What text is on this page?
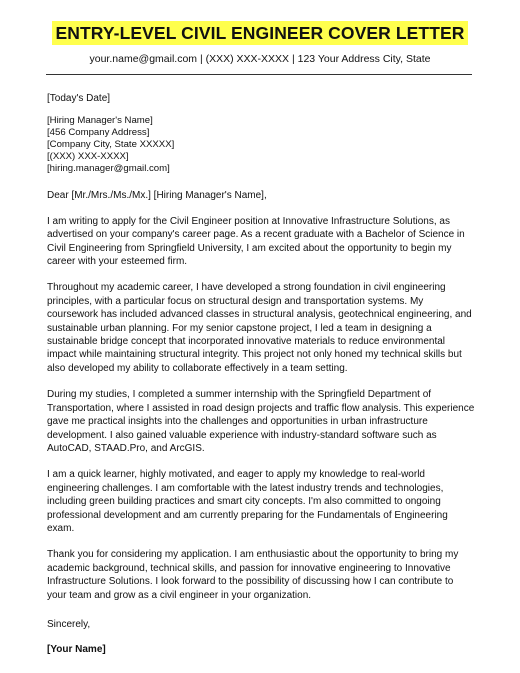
ENTRY-LEVEL CIVIL ENGINEER COVER LETTER
your.name@gmail.com | (XXX) XXX-XXXX | 123 Your Address City, State
[Today's Date]
[Hiring Manager's Name]
[456 Company Address]
[Company City, State XXXXX]
[(XXX) XXX-XXXX]
[hiring.manager@gmail.com]
Dear [Mr./Mrs./Ms./Mx.] [Hiring Manager's Name],

I am writing to apply for the Civil Engineer position at Innovative Infrastructure Solutions, as advertised on your company's career page. As a recent graduate with a Bachelor of Science in Civil Engineering from Springfield University, I am excited about the opportunity to begin my career with your esteemed firm.

Throughout my academic career, I have developed a strong foundation in civil engineering principles, with a particular focus on structural design and transportation systems. My coursework has included advanced classes in structural analysis, geotechnical engineering, and sustainable urban planning. For my senior capstone project, I led a team in designing a sustainable bridge concept that incorporated innovative materials to reduce environmental impact while maintaining structural integrity. This project not only honed my technical skills but also developed my ability to collaborate effectively in a team setting.

During my studies, I completed a summer internship with the Springfield Department of Transportation, where I assisted in road design projects and traffic flow analysis. This experience gave me practical insights into the challenges and opportunities in urban infrastructure development. I also gained valuable experience with industry-standard software such as AutoCAD, STAAD.Pro, and ArcGIS.

I am a quick learner, highly motivated, and eager to apply my knowledge to real-world engineering challenges. I am comfortable with the latest industry trends and technologies, including green building practices and smart city concepts. I'm also committed to ongoing professional development and am currently preparing for the Fundamentals of Engineering exam.

Thank you for considering my application. I am enthusiastic about the opportunity to bring my academic background, technical skills, and passion for innovative engineering to Innovative Infrastructure Solutions. I look forward to the possibility of discussing how I can contribute to your team and grow as a civil engineer in your organization.

Sincerely,
[Your Name]
